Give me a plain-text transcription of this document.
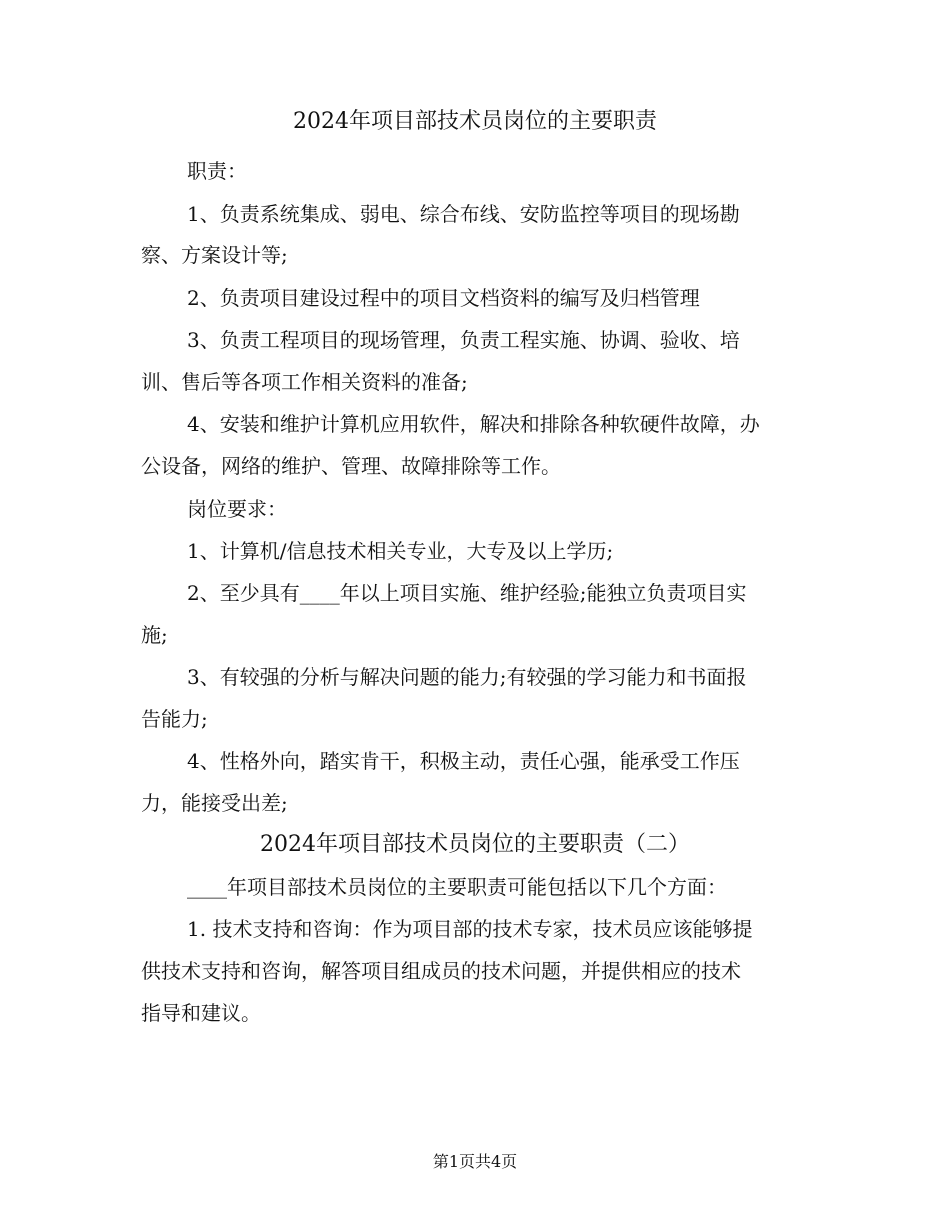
2024年项目部技术员岗位的主要职责
职责：
1、负责系统集成、弱电、综合布线、安防监控等项目的现场勘
察、方案设计等;
2、负责项目建设过程中的项目文档资料的编写及归档管理
3、负责工程项目的现场管理，负责工程实施、协调、验收、培
训、售后等各项工作相关资料的准备;
4、安装和维护计算机应用软件，解决和排除各种软硬件故障，办
公设备，网络的维护、管理、故障排除等工作。
岗位要求：
1、计算机/信息技术相关专业，大专及以上学历;
2、至少具有____年以上项目实施、维护经验;能独立负责项目实
施;
3、有较强的分析与解决问题的能力;有较强的学习能力和书面报
告能力;
4、性格外向，踏实肯干，积极主动，责任心强，能承受工作压
力，能接受出差;
2024年项目部技术员岗位的主要职责（二）
____年项目部技术员岗位的主要职责可能包括以下几个方面：
1. 技术支持和咨询：作为项目部的技术专家，技术员应该能够提
供技术支持和咨询，解答项目组成员的技术问题，并提供相应的技术
指导和建议。
第1页共4页
